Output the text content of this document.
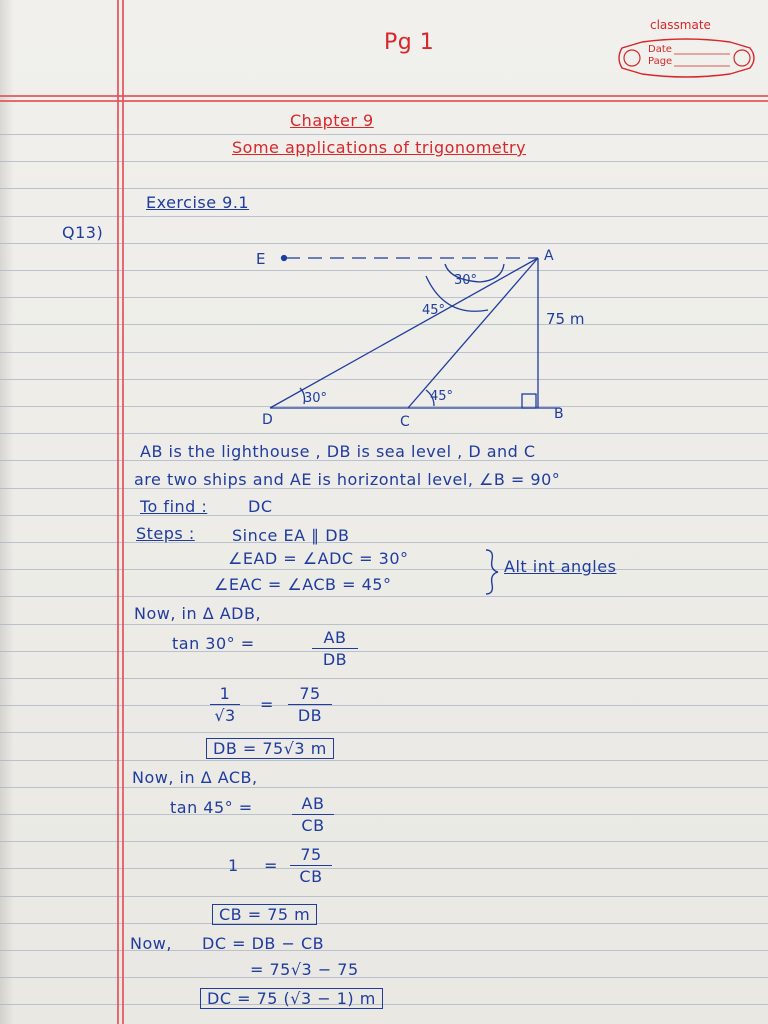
classmate
Date
Page
Pg 1
Chapter 9
Some applications of trigonometry
Exercise 9.1
Q13)
E	A
B
C
D
30°
45°
30°	45°
75 m
AB is the lighthouse , DB is sea level , D and C
are two ships and AE is horizontal level, ∠B = 90°
To find :	DC
Steps : Since EA ∥ DB
∠EAD = ∠ADC = 30°
∠EAC = ∠ACB = 45°
Alt int angles
Now, in Δ ADB,
tan 30° =	AB
DB
1
√3
=
75
DB
DB = 75√3 m
Now, in Δ ACB,
tan 45° =	AB
CB
1 =
75
CB
CB = 75 m
Now, DC = DB − CB
= 75√3 − 75
DC = 75 (√3 − 1) m
